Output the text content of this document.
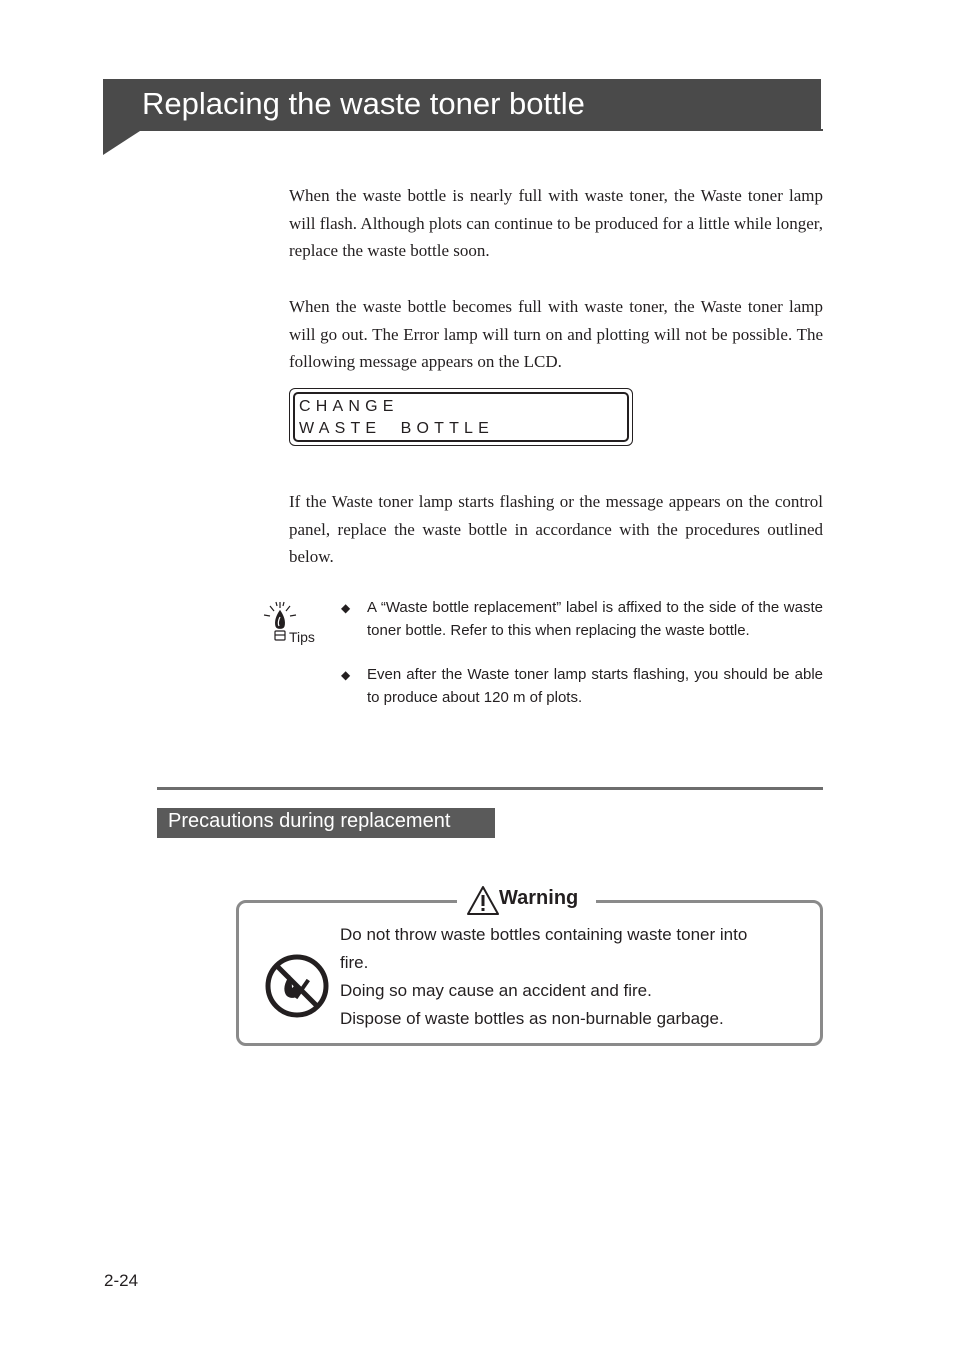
Replacing the waste toner bottle

When the waste bottle is nearly full with waste toner, the Waste toner lamp will flash. Although plots can continue to be produced for a little while longer, replace the waste bottle soon.

When the waste bottle becomes full with waste toner, the Waste toner lamp will go out. The Error lamp will turn on and plotting will not be possible. The following message appears on the LCD.

CHANGE
WASTE  BOTTLE

If the Waste toner lamp starts flashing or the message appears on the control panel, replace the waste bottle in accordance with the procedures outlined below.

Tips
◆ A “Waste bottle replacement” label is affixed to the side of the waste toner bottle. Refer to this when replacing the waste bottle.

◆ Even after the Waste toner lamp starts flashing, you should be able to produce about 120 m of plots.

Precautions during replacement
Warning
Do not throw waste bottles containing waste toner into
fire.
Doing so may cause an accident and fire.
Dispose of waste bottles as non-burnable garbage.
2-24
